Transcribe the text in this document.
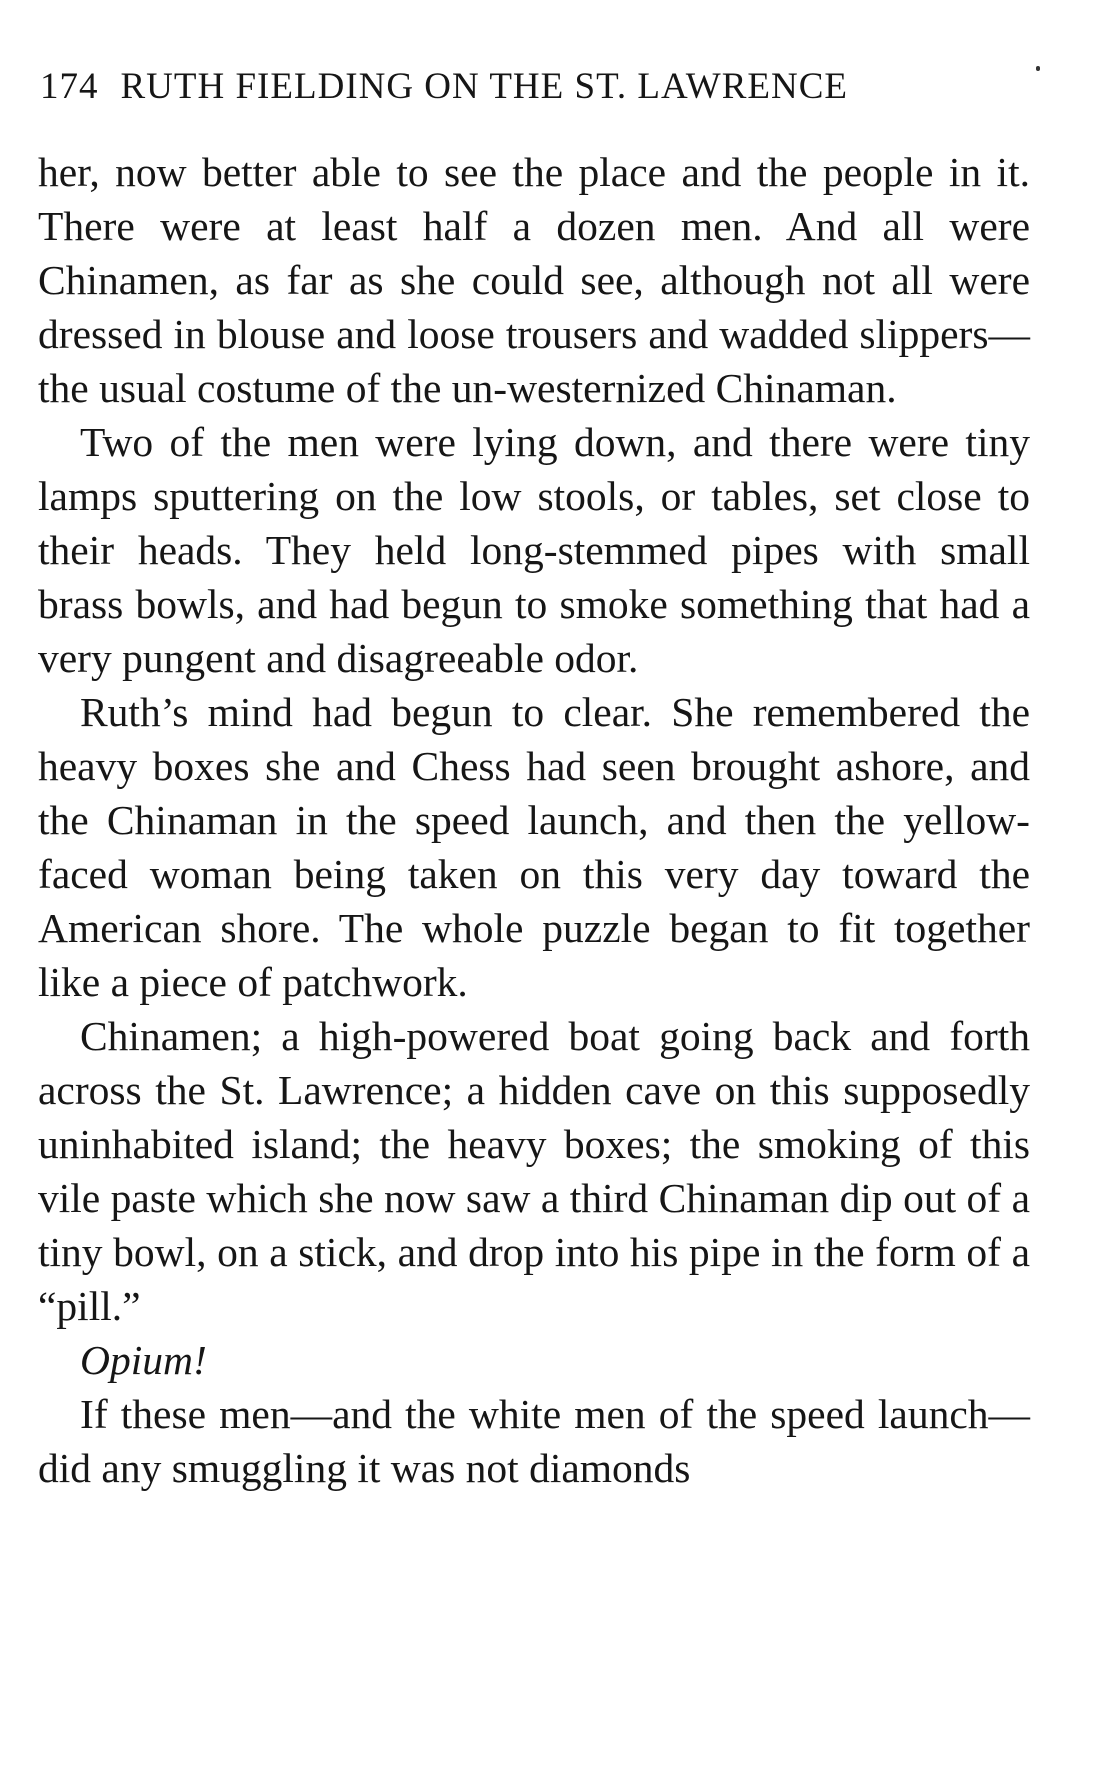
174 RUTH FIELDING ON THE ST. LAWRENCE

her, now better able to see the place and the people in it. There were at least half a dozen men. And all were Chinamen, as far as she could see, although not all were dressed in blouse and loose trousers and wadded slippers—the usual costume of the un-westernized Chinaman.

Two of the men were lying down, and there were tiny lamps sputtering on the low stools, or tables, set close to their heads. They held long-stemmed pipes with small brass bowls, and had begun to smoke something that had a very pungent and disagreeable odor.

Ruth’s mind had begun to clear. She remembered the heavy boxes she and Chess had seen brought ashore, and the Chinaman in the speed launch, and then the yellow-faced woman being taken on this very day toward the American shore. The whole puzzle began to fit together like a piece of patchwork.

Chinamen; a high-powered boat going back and forth across the St. Lawrence; a hidden cave on this supposedly uninhabited island; the heavy boxes; the smoking of this vile paste which she now saw a third Chinaman dip out of a tiny bowl, on a stick, and drop into his pipe in the form of a “pill.”

Opium!

If these men—and the white men of the speed launch—did any smuggling it was not diamonds
